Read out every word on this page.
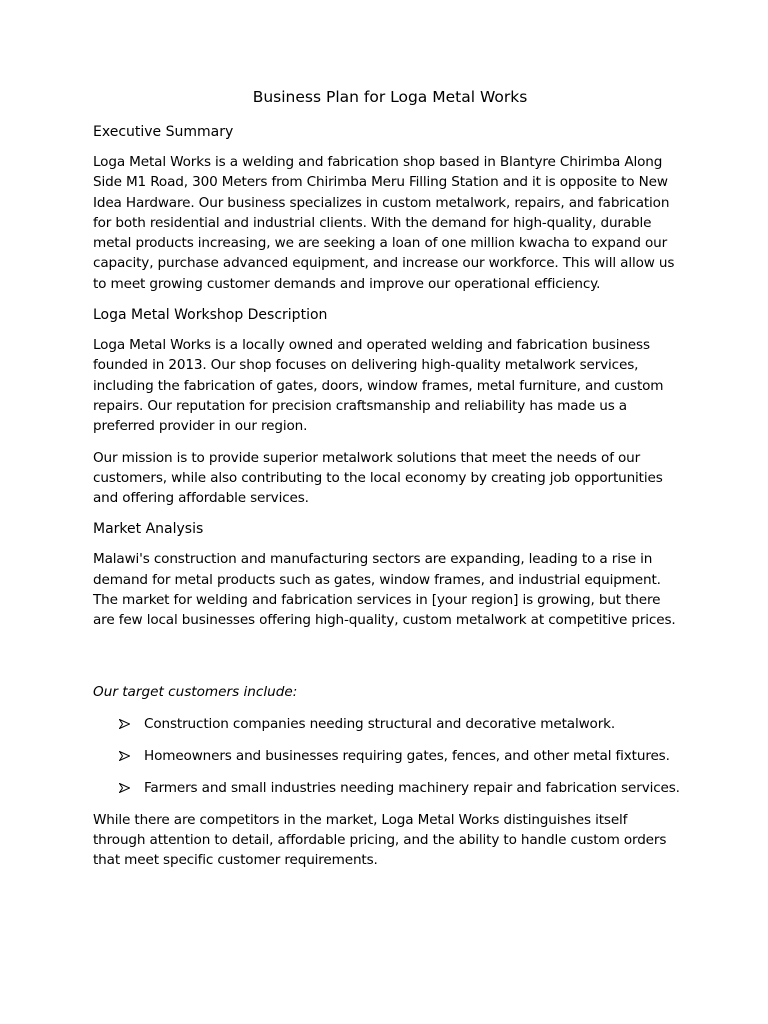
Business Plan for Loga Metal Works
Executive Summary

Loga Metal Works is a welding and fabrication shop based in Blantyre Chirimba Along Side M1 Road, 300 Meters from Chirimba Meru Filling Station and it is opposite to New Idea Hardware. Our business specializes in custom metalwork, repairs, and fabrication for both residential and industrial clients. With the demand for high-quality, durable metal products increasing, we are seeking a loan of one million kwacha to expand our capacity, purchase advanced equipment, and increase our workforce. This will allow us to meet growing customer demands and improve our operational efficiency.

Loga Metal Workshop Description

Loga Metal Works is a locally owned and operated welding and fabrication business founded in 2013. Our shop focuses on delivering high-quality metalwork services, including the fabrication of gates, doors, window frames, metal furniture, and custom repairs. Our reputation for precision craftsmanship and reliability has made us a preferred provider in our region.

Our mission is to provide superior metalwork solutions that meet the needs of our customers, while also contributing to the local economy by creating job opportunities and offering affordable services.

Market Analysis

Malawi's construction and manufacturing sectors are expanding, leading to a rise in demand for metal products such as gates, window frames, and industrial equipment. The market for welding and fabrication services in [your region] is growing, but there are few local businesses offering high-quality, custom metalwork at competitive prices.

Our target customers include:

Construction companies needing structural and decorative metalwork.
Homeowners and businesses requiring gates, fences, and other metal fixtures.
Farmers and small industries needing machinery repair and fabrication services.

While there are competitors in the market, Loga Metal Works distinguishes itself through attention to detail, affordable pricing, and the ability to handle custom orders that meet specific customer requirements.
